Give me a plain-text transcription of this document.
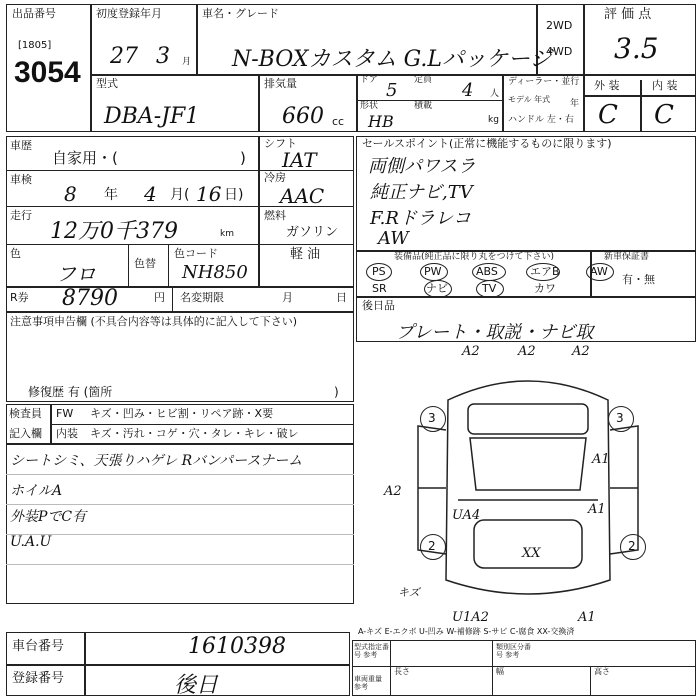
出品番号
[1805]
3054
初度登録年月
27 3 月
車名・グレード
N-BOXカスタム G.Lパッケージ
2WD
4WD
評 価 点
3.5
型式
DBA-JF1
排気量
660 cc
ドア 5 定員 4 人
形状
HB
積載
kg
ディーラー・並行
モデル 年式 年
ハンドル 左・右
外 装	内 装
C C
車歴
自家用・(	)
シフト
IAT
車検
8 年 4 月( 16 日)
冷房
AAC
走行
12万0千379	km
燃料
ガソリン
軽 油
色
フロ	色替
色コード
NH850
R券 8790	円 名変期限	月	日
セールスポイント(正常に機能するものに限ります)
両側パワスラ
純正ナビ,TV
F.Rドラレコ
AW
装備品(純正品に限り丸をつけて下さい)	新車保証書
有・無
PS	PW	ABS	エアB	AW
SR	ナビ	TV	カワ
後日品
プレート・取説・ナビ取
注意事項申告欄 (不具合内容等は具体的に記入して下さい)
修復歴 有 (箇所	)
検査員
記入欄
FW キズ・凹み・ヒビ割・リペア跡・X要
内装 キズ・汚れ・コゲ・穴・タレ・キレ・破レ
シートシミ、天張りハゲレ Rバンパースナーム
ホイルA
外装PでC有
U.A.U
3	3
2	2
A2	A2	A2
A1
A2
UA4	A1
XX
U1A2	A1
キズ
A-キズ E-エクボ U-凹み W-補修跡 S-サビ C-腐食 XX-交換済
車台番号	1610398
登録番号	後日
型式指定番号 参考
類別区分番号 参考
長さ	幅	高さ
車両重量 参考
